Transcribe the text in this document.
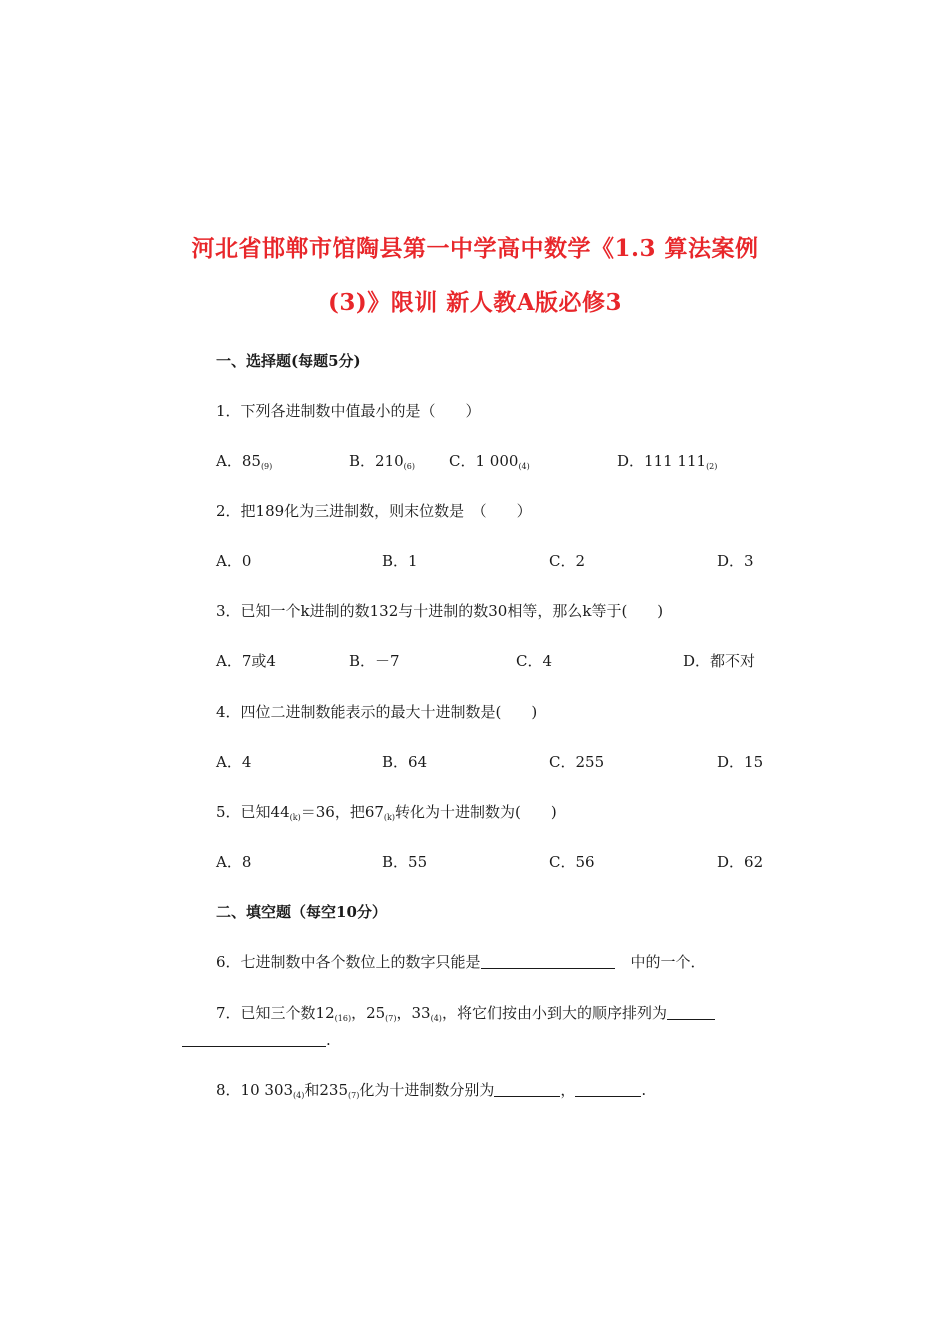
河北省邯郸市馆陶县第一中学高中数学《1.3 算法案例
(3)》限训 新人教A版必修3
一、选择题(每题5分)
1．下列各进制数中值最小的是（　　）
A．$85_{(9)}$	B．$210_{(6)}$ C．1 $000_{(4)}$	D．111 $111_{(2)}$
2．把189化为三进制数，则末位数是　（　　）
A．0	B．1	C．2	D．3
3．已知一个k进制的数132与十进制的数30相等，那么k等于(　　)
A．7或4	B．－7	C．4	D．都不对
4．四位二进制数能表示的最大十进制数是(　　)
A．4	B．64	C．255	D．15
5．已知$44_{(k)}=36$，把$67_{(k)}$转化为十进制数为(　　)
A．8	B．55	C．56	D．62
二、填空题（每空10分）
6．七进制数中各个数位上的数字只能是	中的一个．
7．已知三个数$12_{(16)}$，$25_{(7)}$，$33_{(4)}$，将它们按由小到大的顺序排列为
.
8．10 $303_{(4)}$和$235_{(7)}$化为十进制数分别为	，	.
